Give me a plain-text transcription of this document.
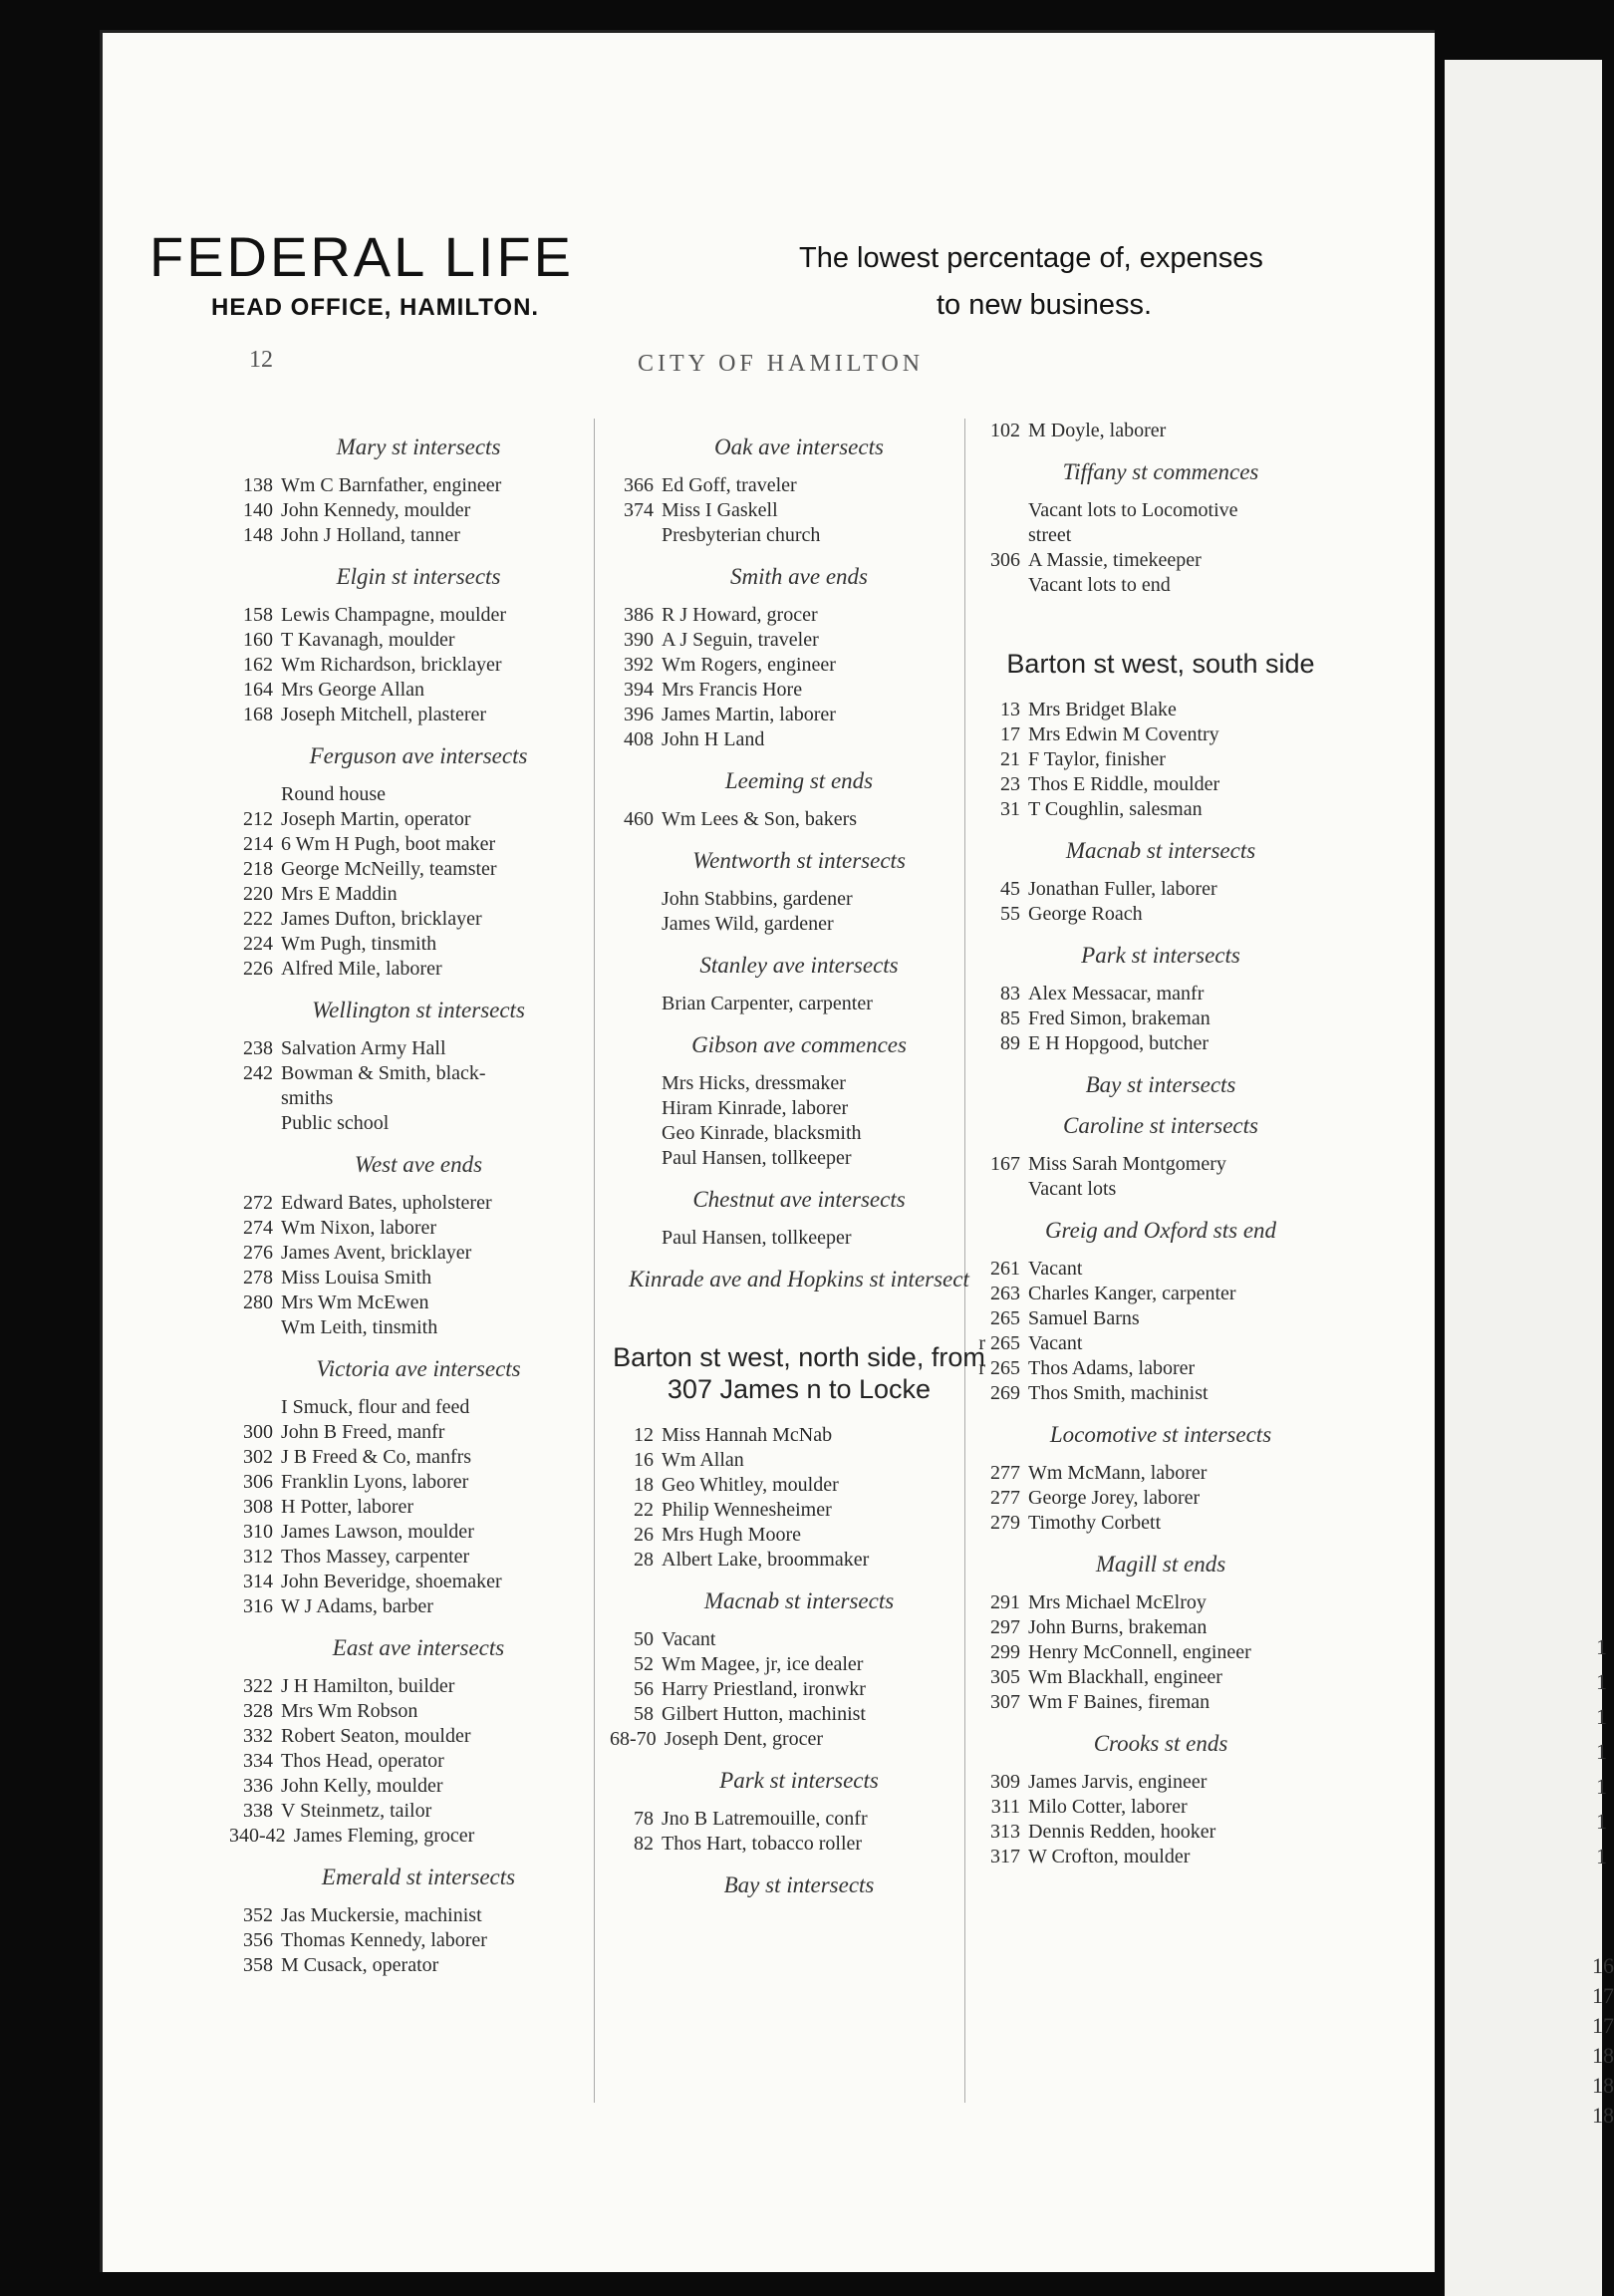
1
1
1
1
1
1
1
16
17
17
18
18
18
FEDERAL LIFE
HEAD OFFICE, HAMILTON.
The lowest percentage of, expenses
to new business.
12	CITY OF HAMILTON
Mary st intersects
138 Wm C Barnfather, engineer
140 John Kennedy, moulder
148 John J Holland, tanner
Elgin st intersects
158 Lewis Champagne, moulder
160 T Kavanagh, moulder
162 Wm Richardson, bricklayer
164 Mrs George Allan
168 Joseph Mitchell, plasterer
Ferguson ave intersects
Round house
212 Joseph Martin, operator
214 6 Wm H Pugh, boot maker
218 George McNeilly, teamster
220 Mrs E Maddin
222 James Dufton, bricklayer
224 Wm Pugh, tinsmith
226 Alfred Mile, laborer
Wellington st intersects
238 Salvation Army Hall
242 Bowman & Smith, black-
smiths
Public school
West ave ends
272 Edward Bates, upholsterer
274 Wm Nixon, laborer
276 James Avent, bricklayer
278 Miss Louisa Smith
280 Mrs Wm McEwen
Wm Leith, tinsmith
Victoria ave intersects
I Smuck, flour and feed
300 John B Freed, manfr
302 J B Freed & Co, manfrs
306 Franklin Lyons, laborer
308 H Potter, laborer
310 James Lawson, moulder
312 Thos Massey, carpenter
314 John Beveridge, shoemaker
316 W J Adams, barber
East ave intersects
322 J H Hamilton, builder
328 Mrs Wm Robson
332 Robert Seaton, moulder
334 Thos Head, operator
336 John Kelly, moulder
338 V Steinmetz, tailor
340-42 James Fleming, grocer
Emerald st intersects
352 Jas Muckersie, machinist
356 Thomas Kennedy, laborer
358 M Cusack, operator
Oak ave intersects
366 Ed Goff, traveler
374 Miss I Gaskell
Presbyterian church
Smith ave ends
386 R J Howard, grocer
390 A J Seguin, traveler
392 Wm Rogers, engineer
394 Mrs Francis Hore
396 James Martin, laborer
408 John H Land
Leeming st ends
460 Wm Lees & Son, bakers
Wentworth st intersects
John Stabbins, gardener
James Wild, gardener
Stanley ave intersects
Brian Carpenter, carpenter
Gibson ave commences
Mrs Hicks, dressmaker
Hiram Kinrade, laborer
Geo Kinrade, blacksmith
Paul Hansen, tollkeeper
Chestnut ave intersects
Paul Hansen, tollkeeper
Kinrade ave and Hopkins st intersect
Barton st west, north side, from 307 James n to Locke
12 Miss Hannah McNab
16 Wm Allan
18 Geo Whitley, moulder
22 Philip Wennesheimer
26 Mrs Hugh Moore
28 Albert Lake, broommaker
Macnab st intersects
50 Vacant
52 Wm Magee, jr, ice dealer
56 Harry Priestland, ironwkr
58 Gilbert Hutton, machinist
68-70 Joseph Dent, grocer
Park st intersects
78 Jno B Latremouille, confr
82 Thos Hart, tobacco roller
Bay st intersects
102 M Doyle, laborer
Tiffany st commences
Vacant lots to Locomotive
street
306 A Massie, timekeeper
Vacant lots to end
Barton st west, south side
13 Mrs Bridget Blake
17 Mrs Edwin M Coventry
21 F Taylor, finisher
23 Thos E Riddle, moulder
31 T Coughlin, salesman
Macnab st intersects
45 Jonathan Fuller, laborer
55 George Roach
Park st intersects
83 Alex Messacar, manfr
85 Fred Simon, brakeman
89 E H Hopgood, butcher
Bay st intersects
Caroline st intersects
167 Miss Sarah Montgomery
Vacant lots
Greig and Oxford sts end
261 Vacant
263 Charles Kanger, carpenter
265 Samuel Barns
r 265 Vacant
r 265 Thos Adams, laborer
269 Thos Smith, machinist
Locomotive st intersects
277 Wm McMann, laborer
277 George Jorey, laborer
279 Timothy Corbett
Magill st ends
291 Mrs Michael McElroy
297 John Burns, brakeman
299 Henry McConnell, engineer
305 Wm Blackhall, engineer
307 Wm F Baines, fireman
Crooks st ends
309 James Jarvis, engineer
311 Milo Cotter, laborer
313 Dennis Redden, hooker
317 W Crofton, moulder
